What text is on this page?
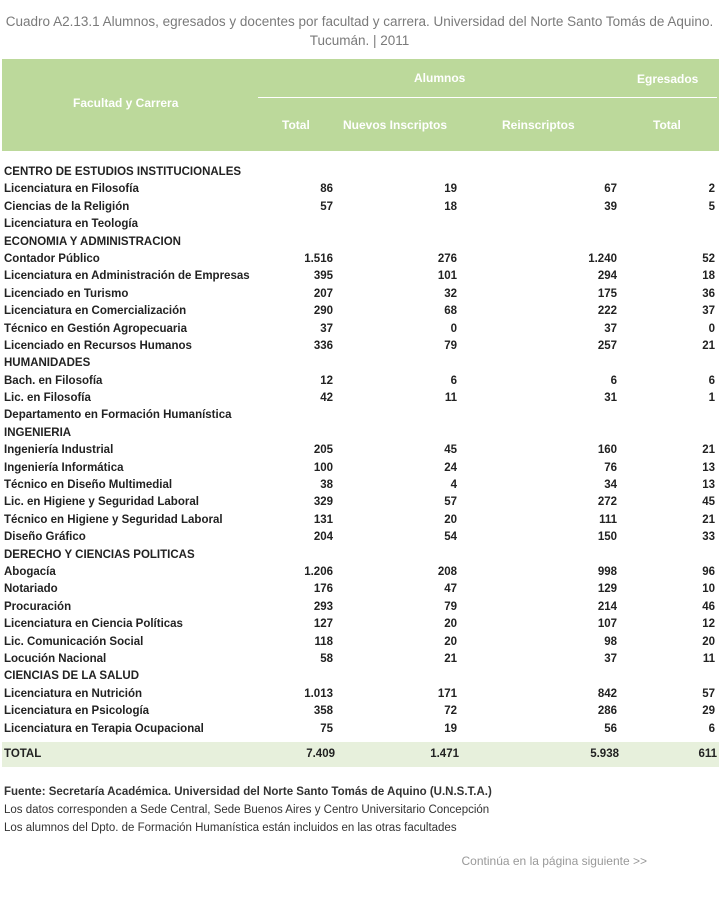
Cuadro A2.13.1 Alumnos, egresados y docentes por facultad y carrera. Universidad del Norte Santo Tomás de Aquino. Tucumán. | 2011
Facultad y Carrera
Alumnos	Egresados
Total	Nuevos Inscriptos	Reinscriptos	Total
CENTRO DE ESTUDIOS INSTITUCIONALES
Licenciatura en Filosofía	86	19	67	2
Ciencias de la Religión	57	18	39	5
Licenciatura en Teología
ECONOMIA Y ADMINISTRACION
Contador Público	1.516	276	1.240	52
Licenciatura en Administración de Empresas	395	101	294	18
Licenciado en Turismo	207	32	175	36
Licenciatura en Comercialización	290	68	222	37
Técnico en Gestión Agropecuaria	37	0	37	0
Licenciado en Recursos Humanos	336	79	257	21
HUMANIDADES
Bach. en Filosofía	12	6	6	6
Lic. en Filosofía	42	11	31	1
Departamento en Formación Humanística
INGENIERIA
Ingeniería Industrial	205	45	160	21
Ingeniería Informática	100	24	76	13
Técnico en Diseño Multimedial	38	4	34	13
Lic. en Higiene y Seguridad Laboral	329	57	272	45
Técnico en Higiene y Seguridad Laboral	131	20	111	21
Diseño Gráfico	204	54	150	33
DERECHO Y CIENCIAS POLITICAS
Abogacía	1.206	208	998	96
Notariado	176	47	129	10
Procuración	293	79	214	46
Licenciatura en Ciencia Políticas	127	20	107	12
Lic. Comunicación Social	118	20	98	20
Locución Nacional	58	21	37	11
CIENCIAS DE LA SALUD
Licenciatura en Nutrición	1.013	171	842	57
Licenciatura en Psicología	358	72	286	29
Licenciatura en Terapia Ocupacional	75	19	56	6
TOTAL	7.409	1.471	5.938	611
Fuente: Secretaría Académica. Universidad del Norte Santo Tomás de Aquino (U.N.S.T.A.)
Los datos corresponden a Sede Central, Sede Buenos Aires y Centro Universitario Concepción
Los alumnos del Dpto. de Formación Humanística están incluidos en las otras facultades
Continúa en la página siguiente >>
